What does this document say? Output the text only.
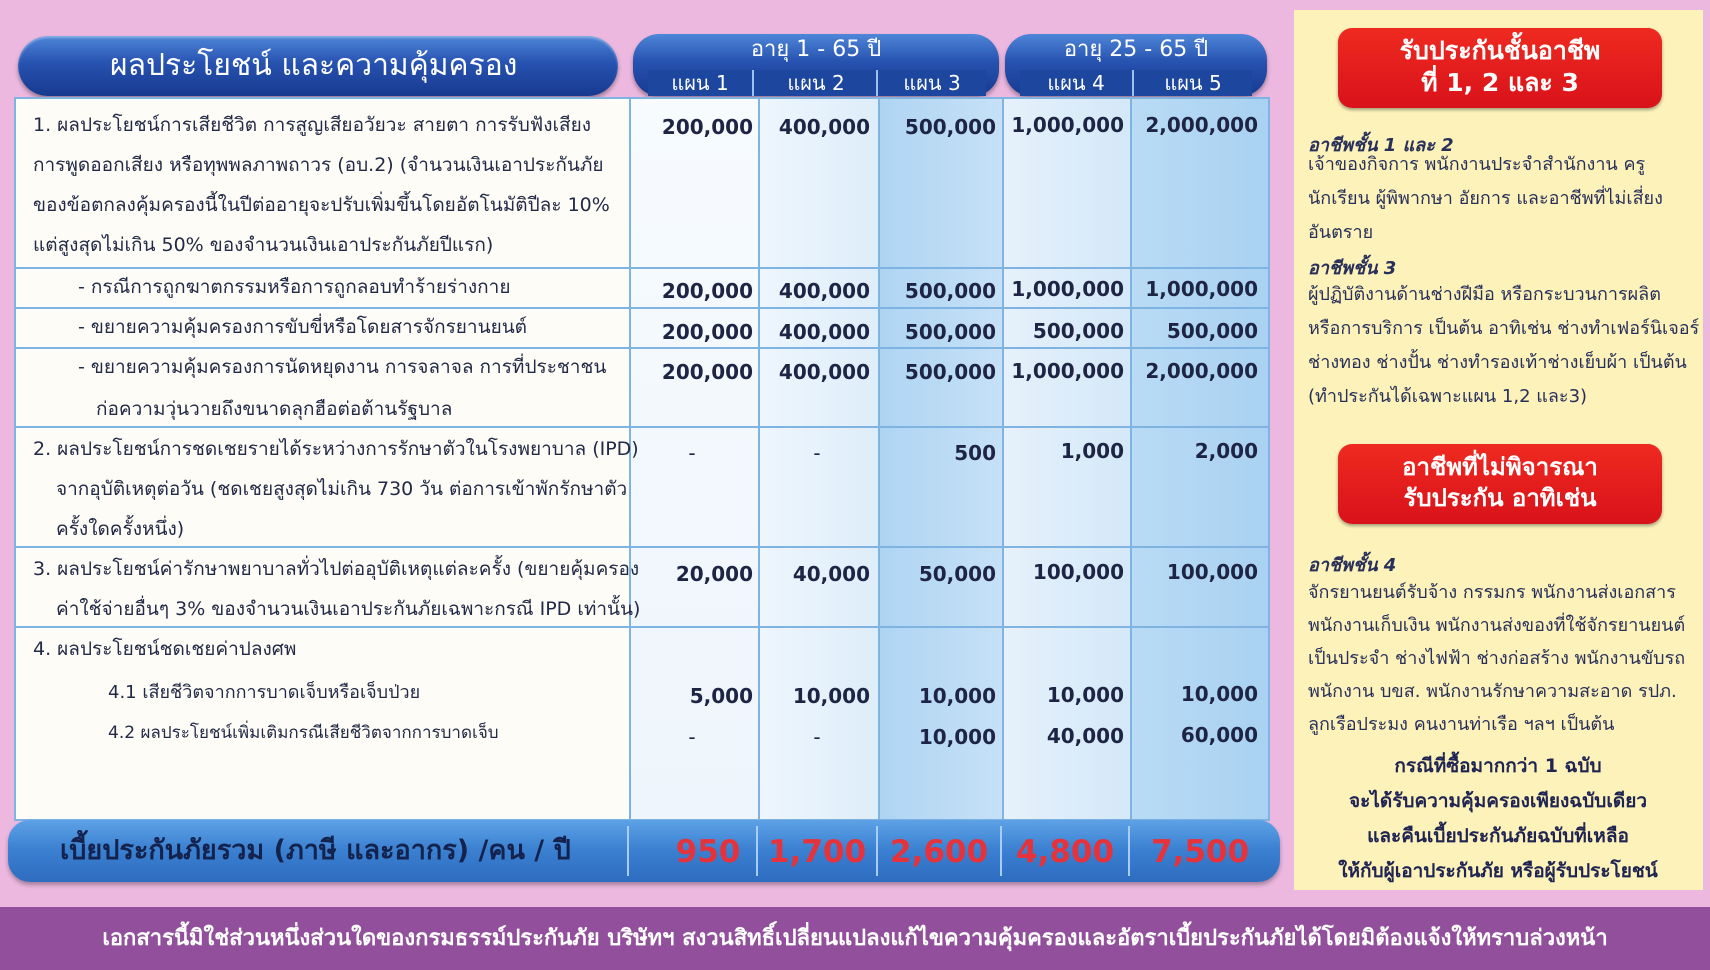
ผลประโยชน์ และความคุ้มครอง	อายุ 1 - 65 ปี	อายุ 25 - 65 ปี
แผน 1	แผน 2	แผน 3	แผน 4	แผน 5
1. ผลประโยชน์การเสียชีวิต การสูญเสียอวัยวะ สายตา การรับฟังเสียง
การพูดออกเสียง หรือทุพพลภาพถาวร (อบ.2) (จำนวนเงินเอาประกันภัย
ของข้อตกลงคุ้มครองนี้ในปีต่ออายุจะปรับเพิ่มขึ้นโดยอัตโนมัติปีละ 10%
แต่สูงสุดไม่เกิน 50% ของจำนวนเงินเอาประกันภัยปีแรก)
200,000	400,000	500,000 1,000,000	2,000,000
- กรณีการถูกฆาตกรรมหรือการถูกลอบทำร้ายร่างกาย	200,000	400,000	500,000 1,000,000	1,000,000
- ขยายความคุ้มครองการขับขี่หรือโดยสารจักรยานยนต์	200,000	400,000	500,000	500,000	500,000
- ขยายความคุ้มครองการนัดหยุดงาน การจลาจล การที่ประชาชน
ก่อความวุ่นวายถึงขนาดลุกฮือต่อต้านรัฐบาล
200,000	400,000	500,000 1,000,000	2,000,000
2. ผลประโยชน์การชดเชยรายได้ระหว่างการรักษาตัวในโรงพยาบาล (IPD)
จากอุบัติเหตุต่อวัน (ชดเชยสูงสุดไม่เกิน 730 วัน ต่อการเข้าพักรักษาตัว
ครั้งใดครั้งหนึ่ง)
-	-	500	1,000	2,000
3. ผลประโยชน์ค่ารักษาพยาบาลทั่วไปต่ออุบัติเหตุแต่ละครั้ง (ขยายคุ้มครอง
ค่าใช้จ่ายอื่นๆ 3% ของจำนวนเงินเอาประกันภัยเฉพาะกรณี IPD เท่านั้น)
20,000	40,000	50,000	100,000	100,000
4. ผลประโยชน์ชดเชยค่าปลงศพ
4.1 เสียชีวิตจากการบาดเจ็บหรือเจ็บป่วย	5,000	10,000	10,000	10,000	10,000
4.2 ผลประโยชน์เพิ่มเติมกรณีเสียชีวิตจากการบาดเจ็บ	-	-	10,000	40,000	60,000
เบี้ยประกันภัยรวม (ภาษี และอากร) /คน / ปี	950 1,700 2,600 4,800	7,500
รับประกันชั้นอาชีพ
ที่ 1, 2 และ 3
อาชีพชั้น 1 และ 2
เจ้าของกิจการ พนักงานประจำสำนักงาน ครู
นักเรียน ผู้พิพากษา อัยการ และอาชีพที่ไม่เสี่ยง
อันตราย
อาชีพชั้น 3
ผู้ปฏิบัติงานด้านช่างฝีมือ หรือกระบวนการผลิต
หรือการบริการ เป็นต้น อาทิเช่น ช่างทำเฟอร์นิเจอร์
ช่างทอง ช่างปั้น ช่างทำรองเท้าช่างเย็บผ้า เป็นต้น
(ทำประกันได้เฉพาะแผน 1,2 และ3)
อาชีพที่ไม่พิจารณา
รับประกัน อาทิเช่น
อาชีพชั้น 4
จักรยานยนต์รับจ้าง กรรมกร พนักงานส่งเอกสาร
พนักงานเก็บเงิน พนักงานส่งของที่ใช้จักรยานยนต์
เป็นประจำ ช่างไฟฟ้า ช่างก่อสร้าง พนักงานขับรถ
พนักงาน บขส. พนักงานรักษาความสะอาด รปภ.
ลูกเรือประมง คนงานท่าเรือ ฯลฯ เป็นต้น
กรณีที่ซื้อมากกว่า 1 ฉบับ
จะได้รับความคุ้มครองเพียงฉบับเดียว
และคืนเบี้ยประกันภัยฉบับที่เหลือ
ให้กับผู้เอาประกันภัย หรือผู้รับประโยชน์
เอกสารนี้มิใช่ส่วนหนึ่งส่วนใดของกรมธรรม์ประกันภัย บริษัทฯ สงวนสิทธิ์เปลี่ยนแปลงแก้ไขความคุ้มครองและอัตราเบี้ยประกันภัยได้โดยมิต้องแจ้งให้ทราบล่วงหน้า
